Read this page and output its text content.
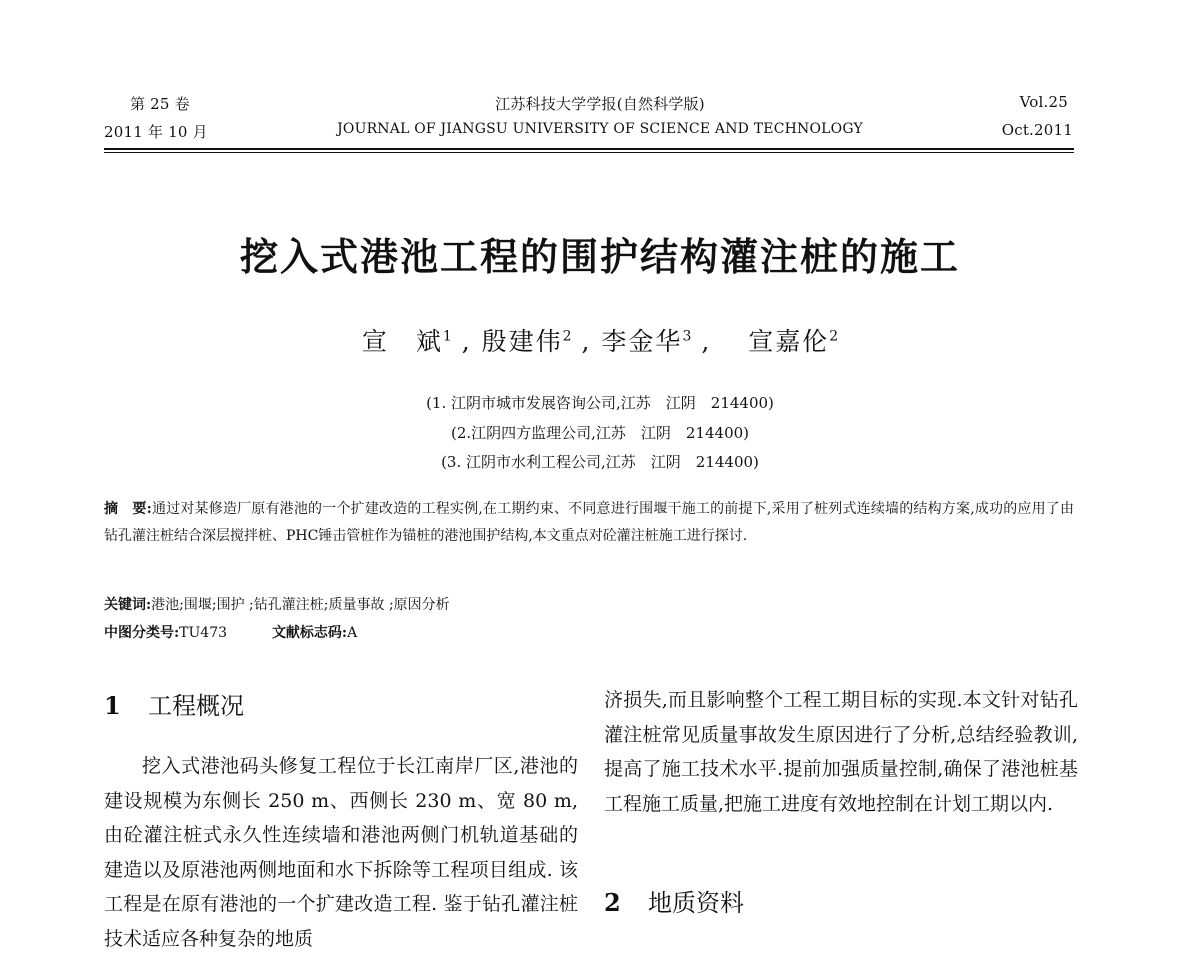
第 25 卷	江苏科技大学学报(自然科学版)	Vol.25
2011 年 10 月	JOURNAL OF JIANGSU UNIVERSITY OF SCIENCE AND TECHNOLOGY	Oct.2011
挖入式港池工程的围护结构灌注桩的施工
宣　斌$^1$ , 殷建伟$^2$ , 李金华$^3$ ,　 宣嘉伦$^2$
(1. 江阴市城市发展咨询公司,江苏　江阴　214400)
(2.江阴四方监理公司,江苏　江阴　214400)
(3. 江阴市水利工程公司,江苏　江阴　214400)
摘　要:通过对某修造厂原有港池的一个扩建改造的工程实例,在工期约束、不同意进行围堰干施工的前提下,采用了桩列式连续墙的结构方案,成功的应用了由钻孔灌注桩结合深层搅拌桩、PHC锤击管桩作为锚桩的港池围护结构,本文重点对砼灌注桩施工进行探讨.
关键词:港池;围堰;围护 ;钻孔灌注桩;质量事故 ;原因分析
中图分类号:TU473	文献标志码:A
1 工程概况

挖入式港池码头修复工程位于长江南岸厂区,港池的建设规模为东侧长 250 m、西侧长 230 m、宽 80 m,由砼灌注桩式永久性连续墙和港池两侧门机轨道基础的建造以及原港池两侧地面和水下拆除等工程项目组成. 该工程是在原有港池的一个扩建改造工程. 鉴于钻孔灌注桩技术适应各种复杂的地质

济损失,而且影响整个工程工期目标的实现.本文针对钻孔灌注桩常见质量事故发生原因进行了分析,总结经验教训,提高了施工技术水平.提前加强质量控制,确保了港池桩基工程施工质量,把施工进度有效地控制在计划工期以内.

2 地质资料
